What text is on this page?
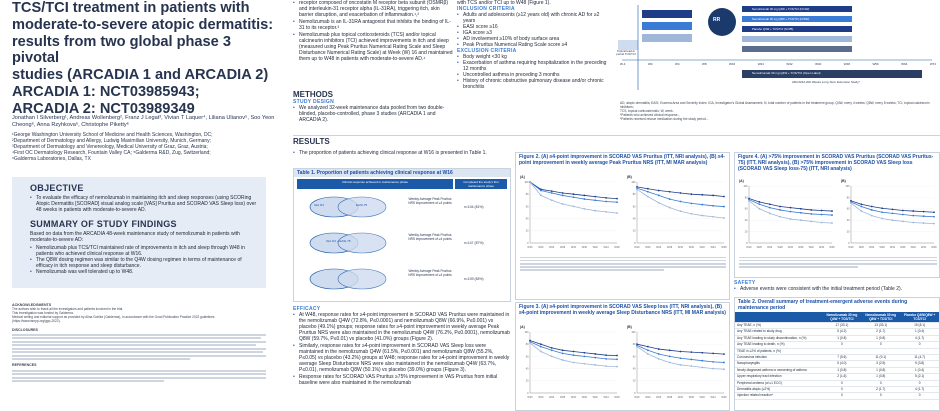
TCS/TCI treatment in patients with
moderate-to-severe atopic dermatitis:
results from two global phase 3 pivotal
studies (ARCADIA 1 and ARCADIA 2)
ARCADIA 1: NCT03985943;
ARCADIA 2: NCT03989349
Jonathan I Silverberg¹, Andreas Wollenberg², Franz J Legat³, Vivian T Laquer⁴, Liliana Ulianov⁵, Soo Yeon Cheong⁶, Anna Rzyhkova⁶, Christophe Piketty⁶
¹George Washington University School of Medicine and Health Sciences, Washington, DC;
²Department of Dermatology and Allergy, Ludwig Maximilian University, Munich, Germany;
³Department of Dermatology and Venereology, Medical University of Graz, Graz, Austria;
⁴First OC Dermatology Research, Fountain Valley CA; ⁵Galderma R&D, Zug, Switzerland;
⁶Galderma Laboratories, Dallas, TX
OBJECTIVE
• To evaluate the efficacy of nemolizumab in maintaining itch and sleep responses (using SCORing Atopic Dermatitis [SCORAD] visual analog scale [VAS] Pruritus and SCORAD VAS Sleep loss) over 48 weeks in patients with moderate-to-severe AD.
SUMMARY OF STUDY FINDINGS
Based on data from the ARCADIA 48-week maintenance study of nemolizumab in patients with moderate-to-severe AD:
• Nemolizumab plus TCS/TCI maintained rate of improvements in itch and sleep through W48 in patients who achieved clinical response at W16.
• The Q8W dosing regimen was similar to the Q4W dosing regimen in terms of maintenance of efficacy in itch response and sleep disturbance.
• Nemolizumab was well tolerated up to W48.
ACKNOWLEDGMENTS
The authors wish to thank all the investigators and patients involved in the trial.
This investigation was funded by Galderma.
Medical writing and editorial support as provided by Alina Gohlke (Galderma), in accordance with the Good Publication Practice 2022 guidelines
(https://www.ismpp.org/gpp-2022).
DISCLOSURES
REFERENCES
• receptor composed of oncostatin M receptor beta subunit (OSMRβ) and interleukin-31 receptor alpha (IL-31RA), triggering itch, skin barrier disruption, and exacerbation of inflammation.¹,²
• Nemolizumab is an IL-31RA antagonist that inhibits the binding of IL-31 to its receptor.³
• Nemolizumab plus topical corticosteroids (TCS) and/or topical calcineurin inhibitors (TCI) achieved improvements in itch and sleep (measured using Peak Pruritus Numerical Rating Scale and Sleep Disturbance Numerical Rating Scale) at Week (W) 16 and maintained them up to W48 in patients with moderate-to-severe AD.⁴
METHODS
STUDY DESIGN
• We analyzed 32-week maintenance data pooled from two double-blinded, placebo-controlled, phase 3 studies (ARCADIA 1 and ARCADIA 2).
with TCS and/or TCI up to W48 (Figure 1).
INCLUSION CRITERIA
• Adults and adolescents (≥12 years old) with chronic AD for ≥2 years
• EASI score ≥16
• IGA score ≥3
• AD involvement ≥10% of body surface area
• Peak Pruritus Numerical Rating Scale score ≥4
EXCLUSION CRITERIA
• Body weight <30 kg
• Exacerbation of asthma requiring hospitalization in the preceding 12 months
• Uncontrolled asthma in preceding 3 months
• History of chronic obstructive pulmonary disease and/or chronic bronchitis
RESULTS
• The proportion of patients achieving clinical response at W16 is presented in Table 1.
Table 1. Proportion of patients achieving clinical response at W16
Clinical response achieved in maintenance phase	Completed the study's first maintenance phase
IGA 0/1	EASI-75
IGA 0/1 + EASI-75
Weekly Average Peak Pruritus NRS improvement of ≥4 points
Weekly Average Peak Pruritus NRS improvement of ≥4 points
Weekly Average Peak Pruritus NRS improvement of ≥4 points
n=104 (81%)
n=147 (87%)
n=109 (83%)
EFFICACY
• At W48, response rates for ≥4-point improvement in SCORAD VAS Pruritus were maintained in the nemolizumab Q4W (72.8%, P≤0.0001) and nemolizumab Q8W (66.9%, P≤0.001) vs placebo (49.1%) groups; response rates for ≥4-point improvement in weekly average Peak Pruritus NRS were also maintained in the nemolizumab Q4W (76.2%, P≤0.0001), nemolizumab Q8W (59.7%, P≤0.01) vs placebo (41.0%) groups (Figure 2).
• Similarly, response rates for ≥4-point improvement in SCORAD VAS Sleep loss were maintained in the nemolizumab Q4W (61.5%, P≤0.001) and nemolizumab Q8W (55.2%, P≤0.05) vs placebo (43.2%) groups at W48; response rates for ≥4-point improvement in weekly average Sleep Disturbance NRS were also maintained in the nemolizumab Q4W (63.7%, P≤0.01), nemolizumab Q8W (50.1%) vs placebo (39.0%) groups (Figure 3).
• Response rates for SCORAD VAS Pruritus ≥75% improvement in VAS Pruritus from initial baseline were also maintained in the nemolizumab
Topical lead-in period TCS/TCI
RR
Nemolizumab 30 mg Q4W + TCS/TCI (N=4W)
Nemolizumab 30 mg Q8W + TCS/TCI (N=8W)
Placebo Q4W + TCS/TCI (N=PB)
Nemolizumab 30 mg Q4W + TCS/TCI (Open Label)
ARCADIA 200 Weeks Long-Term Extension Study*
W-4	W0	W4	W8	W16	W24	W32	W40	W48	W56	W64	W72
AD, atopic dermatitis; EASI, Eczema Area and Severity Index; IGA, Investigator's Global Assessment; N, total number of patients in the treatment group; Q4W, every 4 weeks; Q8W, every 8 weeks; TCI, topical calcineurin inhibitors;
TCS, topical corticosteroids; W, week.
*Patients who achieved clinical response...
*Patients received rescue medication during the study period...
Figure 2. (A) ≥4-point improvement in SCORAD VAS Pruritus (ITT, NRI analysis), (B) ≥4-point improvement in weekly average Peak Pruritus NRS (ITT, MI MAR analysis)
(A)	(B)
0
20
40
60
80
100
W16 W20 W24 W28 W32 W36 W40 W44 W48
0
20
40
60
80
100
W16 W20 W24 W28 W32 W36 W40 W44 W48
Figure 3. (A) ≥4-point improvement in SCORAD VAS Sleep loss (ITT, NRI analysis), (B) ≥4-point improvement in weekly average Sleep Disturbance NRS (ITT, MI MAR analysis)
(A)	(B)
0
20
40
60
80
100
W16 W20 W24 W28 W32 W36 W40 W44 W48
0
20
40
60
80
100
W16 W20 W24 W28 W32 W36 W40 W44 W48
Figure 4. (A) >75% improvement in SCORAD VAS Pruritus (SCORAD VAS Pruritus-75) (ITT, NRI analysis), (B) >75% improvement in SCORAD VAS Sleep loss (SCORAD VAS Sleep loss-75) (ITT, NRI analysis)
(A)	(B)
0
20
40
60
80
100
W16 W20 W24 W28 W32 W36 W40 W44 W48
0
20
40
60
80
100
W16 W20 W24 W28 W32 W36 W40 W44 W48
SAFETY
• Adverse events were consistent with the initial treatment period (Table 2).
Table 2. Overall summary of treatment-emergent adverse events during maintenance period
Nemolizumab 30 mg Q4W + TCS/TCI
Nemolizumab 30 mg Q8W + TCS/TCI
Placebo Q4W/Q8W + TCS/TCI
Any TEAE, n (%)	17 (33.1)	13 (33.1)	19 (8.1)
Any TEAE related to study drug	5 (4.2)	2 (1.7)	1 (0.4)
Any TEAE leading to study discontinuation, n (%)	1 (0.8)	1 (0.8)	4 (1.7)
Any TEAE leading to death, n (%)	0	0	0
TEAE in ≥2% of patients, n (%)
Coronavirus infection	7 (5.6)	11 (9.1)	11 (4.7)
Nasopharyngitis	5 (4.0)	3 (2.5)	9 (3.8)
Newly diagnosed asthma or worsening of asthma	1 (0.8)	1 (0.8)	1 (0.4)
Upper respiratory tract infection	2 (1.6)	1 (0.8)	5 (2.1)
Peripheral oedema (of ≥1 ECG)	0	0	0
Dermatitis atopic (≥2%)	0	2 (1.7)	4 (1.7)
Injection related reaction*	0	0	0
